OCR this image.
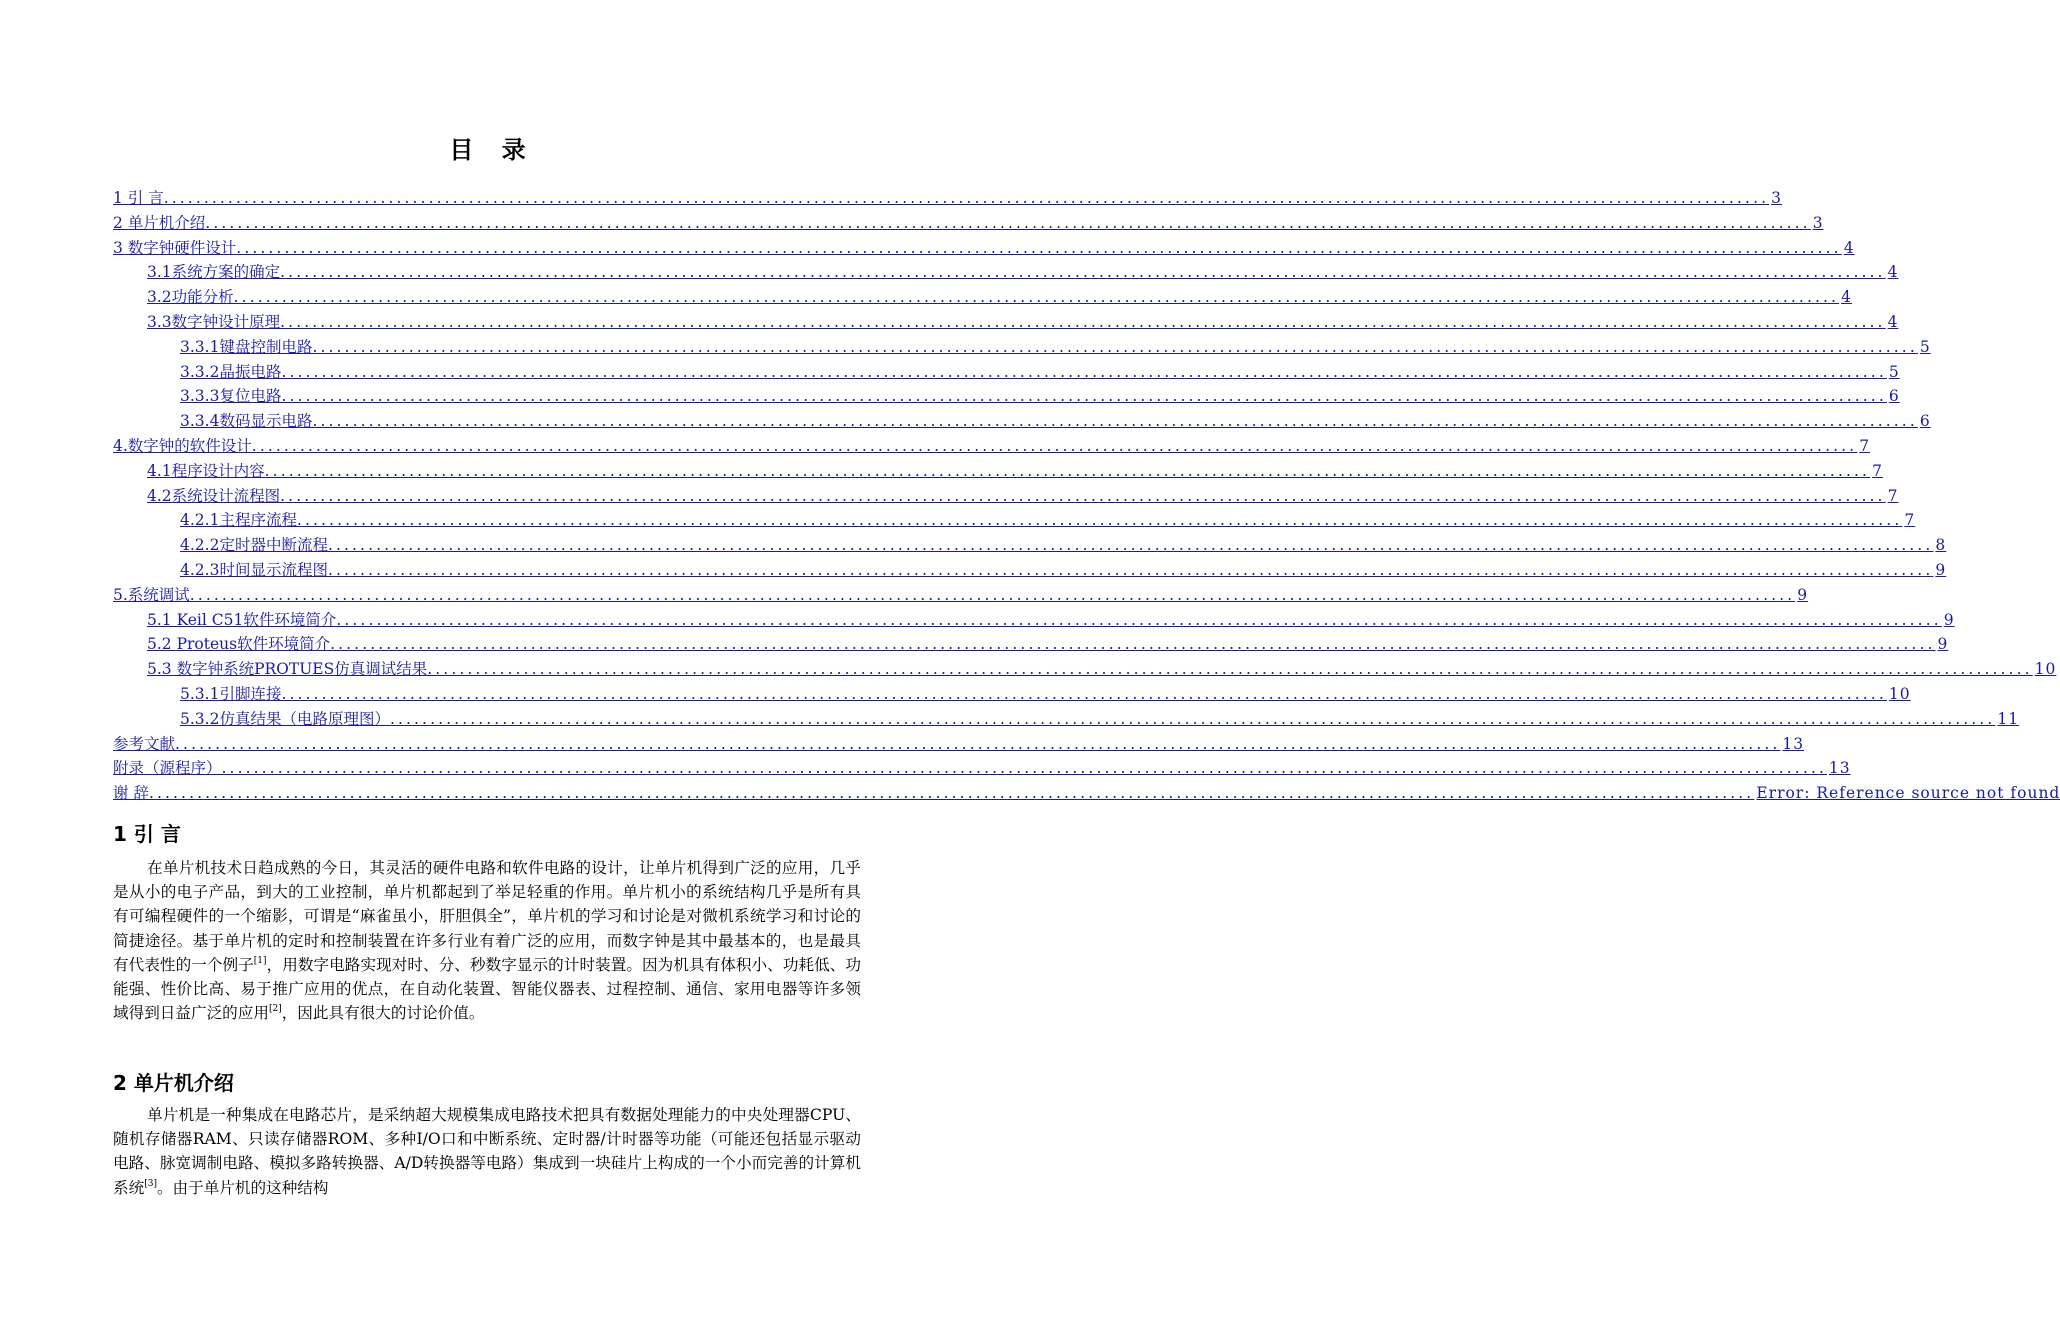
目 录
1 引 言 ........................................................................................................................................................................................................ 3
2 单片机介绍 ........................................................................................................................................................................................................ 3
3 数字钟硬件设计 ........................................................................................................................................................................................................ 4
3.1系统方案的确定 ........................................................................................................................................................................................................ 4
3.2功能分析 ........................................................................................................................................................................................................ 4
3.3数字钟设计原理 ........................................................................................................................................................................................................ 4
3.3.1键盘控制电路 ........................................................................................................................................................................................................ 5
3.3.2晶振电路 ........................................................................................................................................................................................................ 5
3.3.3复位电路 ........................................................................................................................................................................................................ 6
3.3.4数码显示电路 ........................................................................................................................................................................................................ 6
4.数字钟的软件设计 ........................................................................................................................................................................................................ 7
4.1程序设计内容 ........................................................................................................................................................................................................ 7
4.2系统设计流程图 ........................................................................................................................................................................................................ 7
4.2.1主程序流程 ........................................................................................................................................................................................................ 7
4.2.2定时器中断流程 ........................................................................................................................................................................................................ 8
4.2.3时间显示流程图 ........................................................................................................................................................................................................ 9
5.系统调试 ........................................................................................................................................................................................................ 9
5.1 Keil C51软件环境简介 ........................................................................................................................................................................................................ 9
5.2 Proteus软件环境简介 ........................................................................................................................................................................................................ 9
5.3 数字钟系统PROTUES仿真调试结果 ........................................................................................................................................................................................................ 10
5.3.1引脚连接 ........................................................................................................................................................................................................ 10
5.3.2仿真结果（电路原理图） ........................................................................................................................................................................................................ 11
参考文献 ........................................................................................................................................................................................................ 13
附录（源程序） ........................................................................................................................................................................................................ 13
谢 辞 ........................................................................................................................................................................................................ Error: Reference source not found
1 引 言

在单片机技术日趋成熟的今日，其灵活的硬件电路和软件电路的设计，让单片机得到广泛的应用，几乎是从小的电子产品，到大的工业控制，单片机都起到了举足轻重的作用。单片机小的系统结构几乎是所有具有可编程硬件的一个缩影，可谓是“麻雀虽小，肝胆俱全”，单片机的学习和讨论是对微机系统学习和讨论的简捷途径。基于单片机的定时和控制装置在许多行业有着广泛的应用，而数字钟是其中最基本的，也是最具有代表性的一个例子[1]，用数字电路实现对时、分、秒数字显示的计时装置。因为机具有体积小、功耗低、功能强、性价比高、易于推广应用的优点，在自动化装置、智能仪器表、过程控制、通信、家用电器等许多领域得到日益广泛的应用[2]，因此具有很大的讨论价值。

2 单片机介绍

单片机是一种集成在电路芯片，是采纳超大规模集成电路技术把具有数据处理能力的中央处理器CPU、随机存储器RAM、只读存储器ROM、多种I/O口和中断系统、定时器/计时器等功能（可能还包括显示驱动电路、脉宽调制电路、模拟多路转换器、A/D转换器等电路）集成到一块硅片上构成的一个小而完善的计算机系统[3]。由于单片机的这种结构
